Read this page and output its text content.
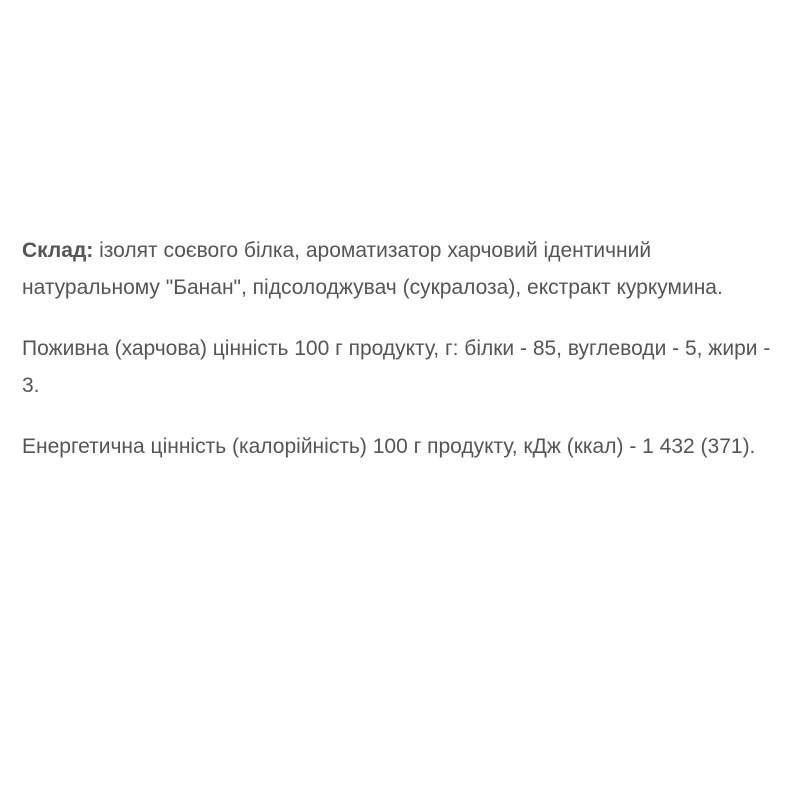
Склад: ізолят соєвого білка, ароматизатор харчовий ідентичний натуральному "Банан", підсолоджувач (сукралоза), екстракт куркумина.

Поживна (харчова) цінність 100 г продукту, г: білки - 85, вуглеводи - 5, жири - 3.

Енергетична цінність (калорійність) 100 г продукту, кДж (ккал) - 1 432 (371).
